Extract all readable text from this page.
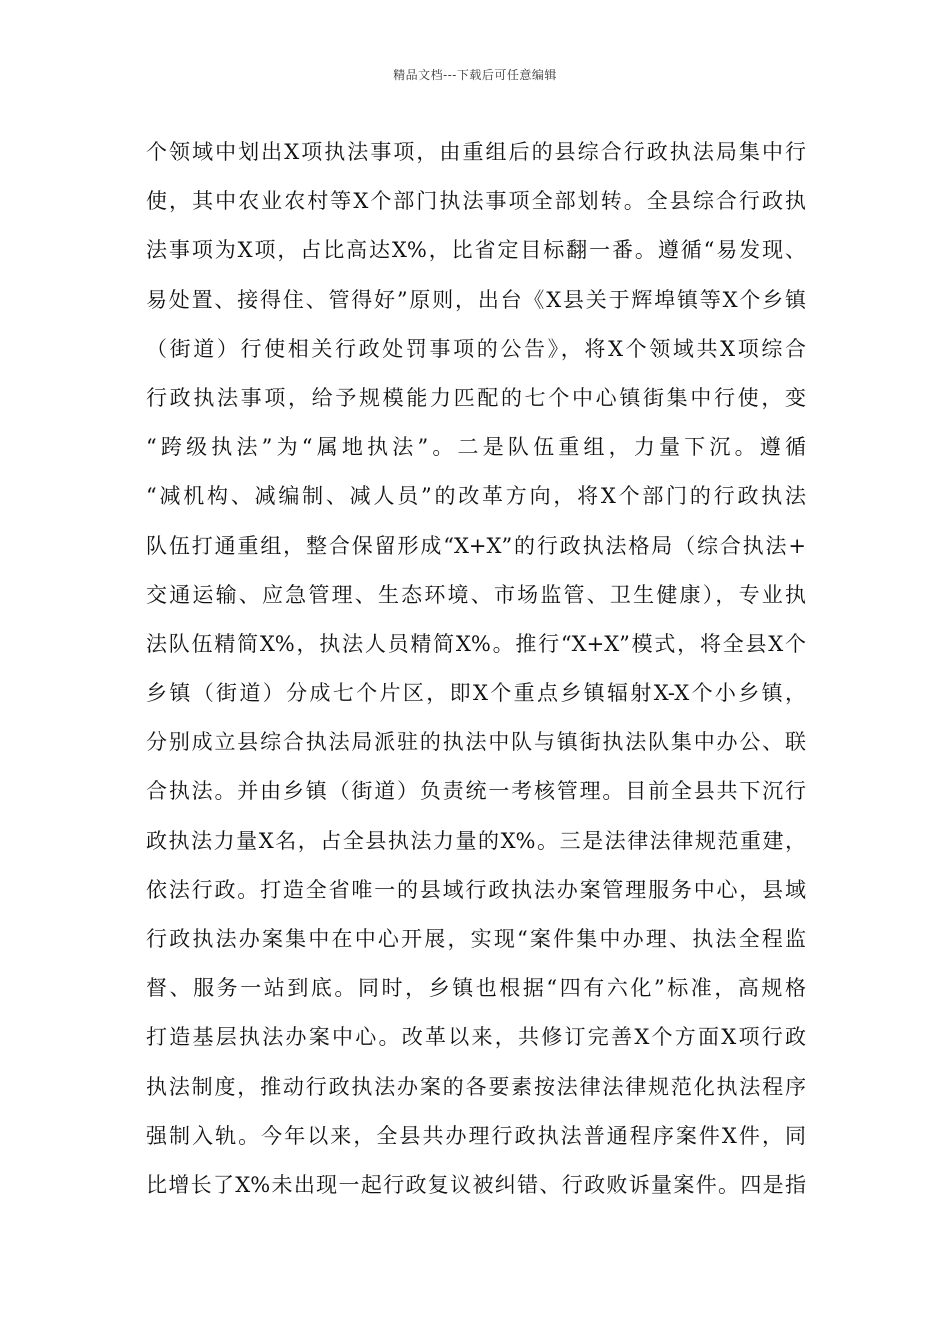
精品文档---下载后可任意编辑
个领域中划出X项执法事项，由重组后的县综合行政执法局集中行
使，其中农业农村等X个部门执法事项全部划转。全县综合行政执
法事项为X项，占比高达X%，比省定目标翻一番。遵循“易发现、
易处置、接得住、管得好”原则，出台《X县关于辉埠镇等X个乡镇
（街道）行使相关行政处罚事项的公告》，将X个领域共X项综合
行政执法事项，给予规模能力匹配的七个中心镇街集中行使，变
“跨级执法”为“属地执法”。二是队伍重组，力量下沉。遵循
“减机构、减编制、减人员”的改革方向，将X个部门的行政执法
队伍打通重组，整合保留形成“X+X”的行政执法格局（综合执法+
交通运输、应急管理、生态环境、市场监管、卫生健康），专业执
法队伍精简X%，执法人员精简X%。推行“X+X”模式，将全县X个
乡镇（街道）分成七个片区，即X个重点乡镇辐射X-X个小乡镇，
分别成立县综合执法局派驻的执法中队与镇街执法队集中办公、联
合执法。并由乡镇（街道）负责统一考核管理。目前全县共下沉行
政执法力量X名，占全县执法力量的X%。三是法律法律规范重建，
依法行政。打造全省唯一的县域行政执法办案管理服务中心，县域
行政执法办案集中在中心开展，实现“案件集中办理、执法全程监
督、服务一站到底。同时，乡镇也根据“四有六化”标准，高规格
打造基层执法办案中心。改革以来，共修订完善X个方面X项行政
执法制度，推动行政执法办案的各要素按法律法律规范化执法程序
强制入轨。今年以来，全县共办理行政执法普通程序案件X件，同
比增长了X%未出现一起行政复议被纠错、行政败诉量案件。四是指
